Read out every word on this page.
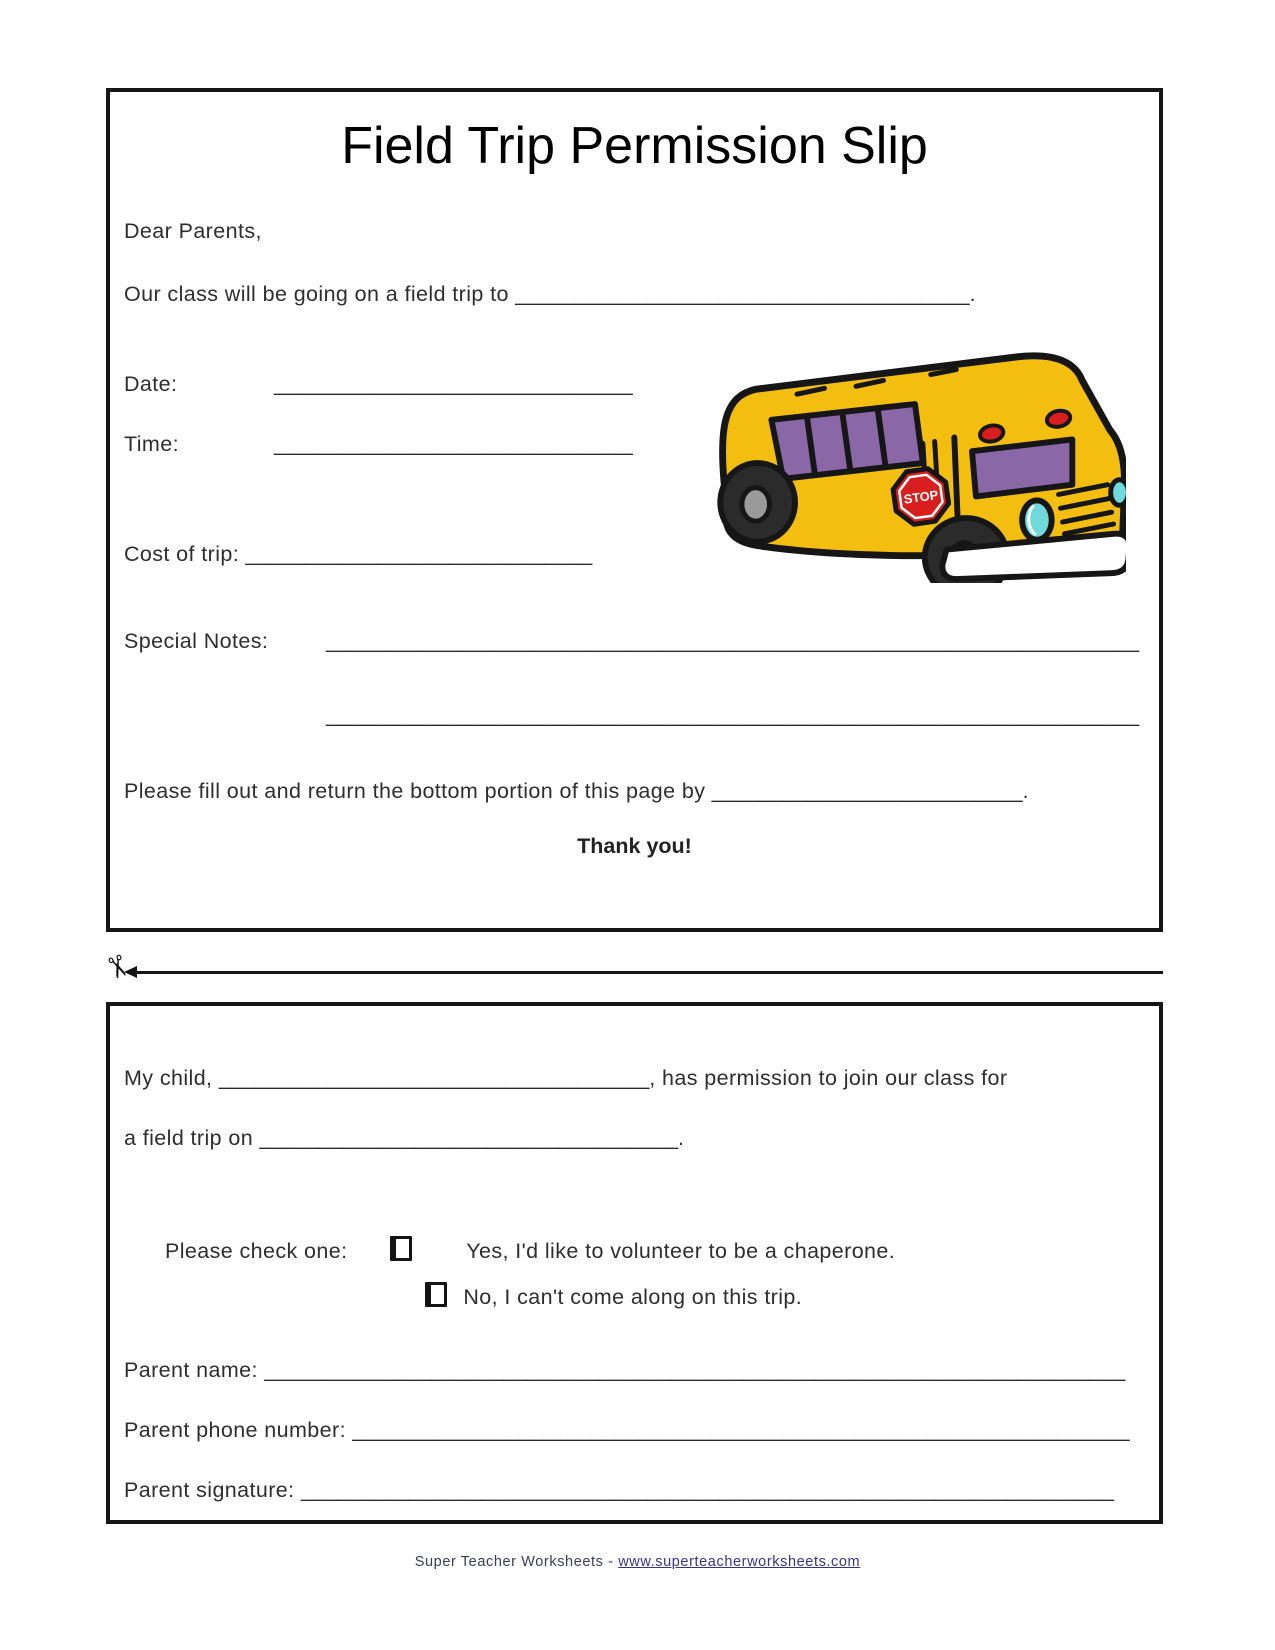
Field Trip Permission Slip
Dear Parents,
Our class will be going on a field trip to ______________________________________.
Date:	______________________________
Time:	______________________________
STOP
Cost of trip: _____________________________
Special Notes:	____________________________________________________________________
____________________________________________________________________
Please fill out and return the bottom portion of this page by __________________________.
Thank you!
✂
My child, ____________________________________, has permission to join our class for
a field trip on ___________________________________.
Please check one:	Yes, I'd like to volunteer to be a chaperone.
No, I can't come along on this trip.
Parent name: ________________________________________________________________________
Parent phone number: _________________________________________________________________
Parent signature: ____________________________________________________________________
Super Teacher Worksheets - www.superteacherworksheets.com
